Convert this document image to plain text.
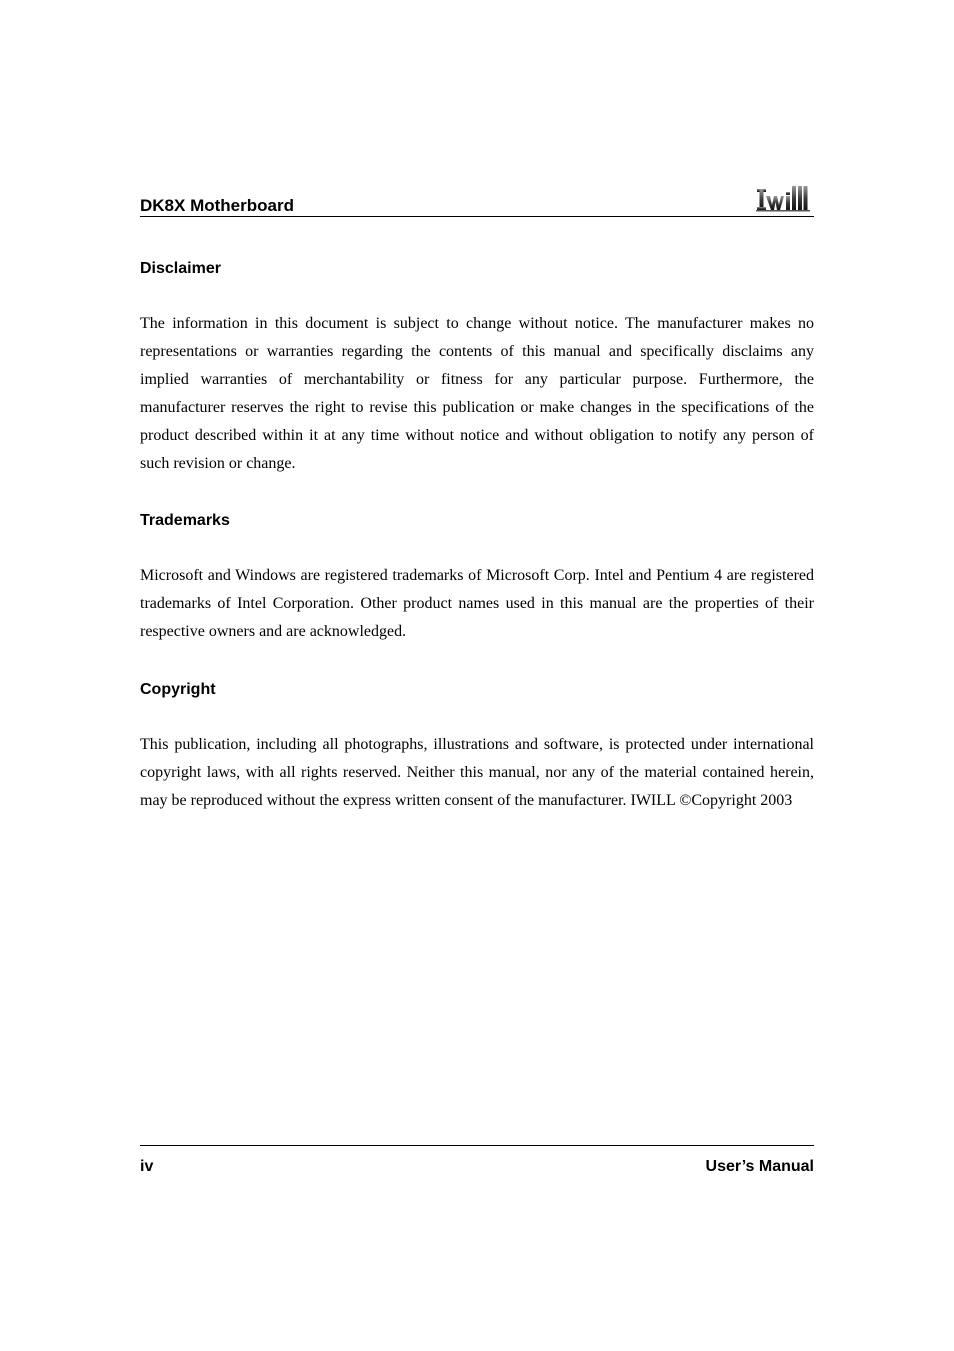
DK8X Motherboard
Disclaimer

The information in this document is subject to change without notice. The manufacturer makes no representations or warranties regarding the contents of this manual and specifically disclaims any implied warranties of merchantability or fitness for any particular purpose. Furthermore, the manufacturer reserves the right to revise this publication or make changes in the specifications of the product described within it at any time without notice and without obligation to notify any person of such revision or change.

Trademarks

Microsoft and Windows are registered trademarks of Microsoft Corp. Intel and Pentium 4 are registered trademarks of Intel Corporation. Other product names used in this manual are the properties of their respective owners and are acknowledged.

Copyright

This publication, including all photographs, illustrations and software, is protected under international copyright laws, with all rights reserved. Neither this manual, nor any of the material contained herein, may be reproduced without the express written consent of the manufacturer. IWILL ©Copyright 2003

iv	User’s Manual
